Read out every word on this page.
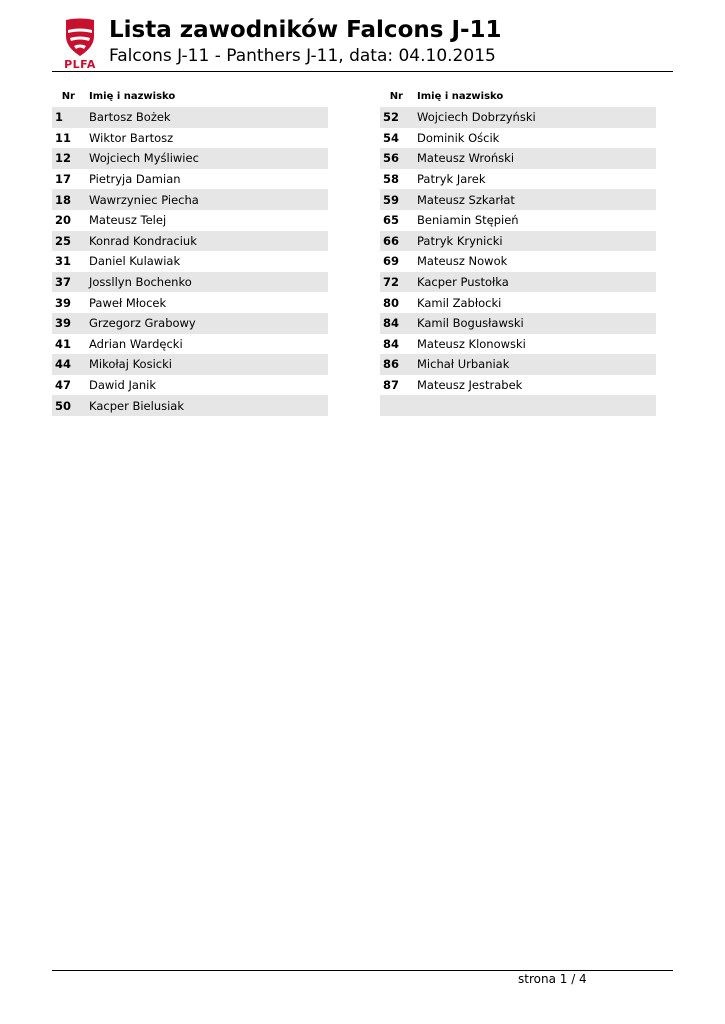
PLFA
Lista zawodników Falcons J-11
Falcons J-11 - Panthers J-11, data: 04.10.2015
Nr	Imię i nazwisko
1	Bartosz Bożek
11	Wiktor Bartosz
12	Wojciech Myśliwiec
17	Pietryja Damian
18	Wawrzyniec Piecha
20	Mateusz Telej
25	Konrad Kondraciuk
31	Daniel Kulawiak
37	Jossllyn Bochenko
39	Paweł Młocek
39	Grzegorz Grabowy
41	Adrian Wardęcki
44	Mikołaj Kosicki
47	Dawid Janik
50	Kacper Bielusiak
Nr	Imię i nazwisko
52	Wojciech Dobrzyński
54	Dominik Ościk
56	Mateusz Wroński
58	Patryk Jarek
59	Mateusz Szkarłat
65	Beniamin Stępień
66	Patryk Krynicki
69	Mateusz Nowok
72	Kacper Pustołka
80	Kamil Zabłocki
84	Kamil Bogusławski
84	Mateusz Klonowski
86	Michał Urbaniak
87	Mateusz Jestrabek
strona 1 / 4
